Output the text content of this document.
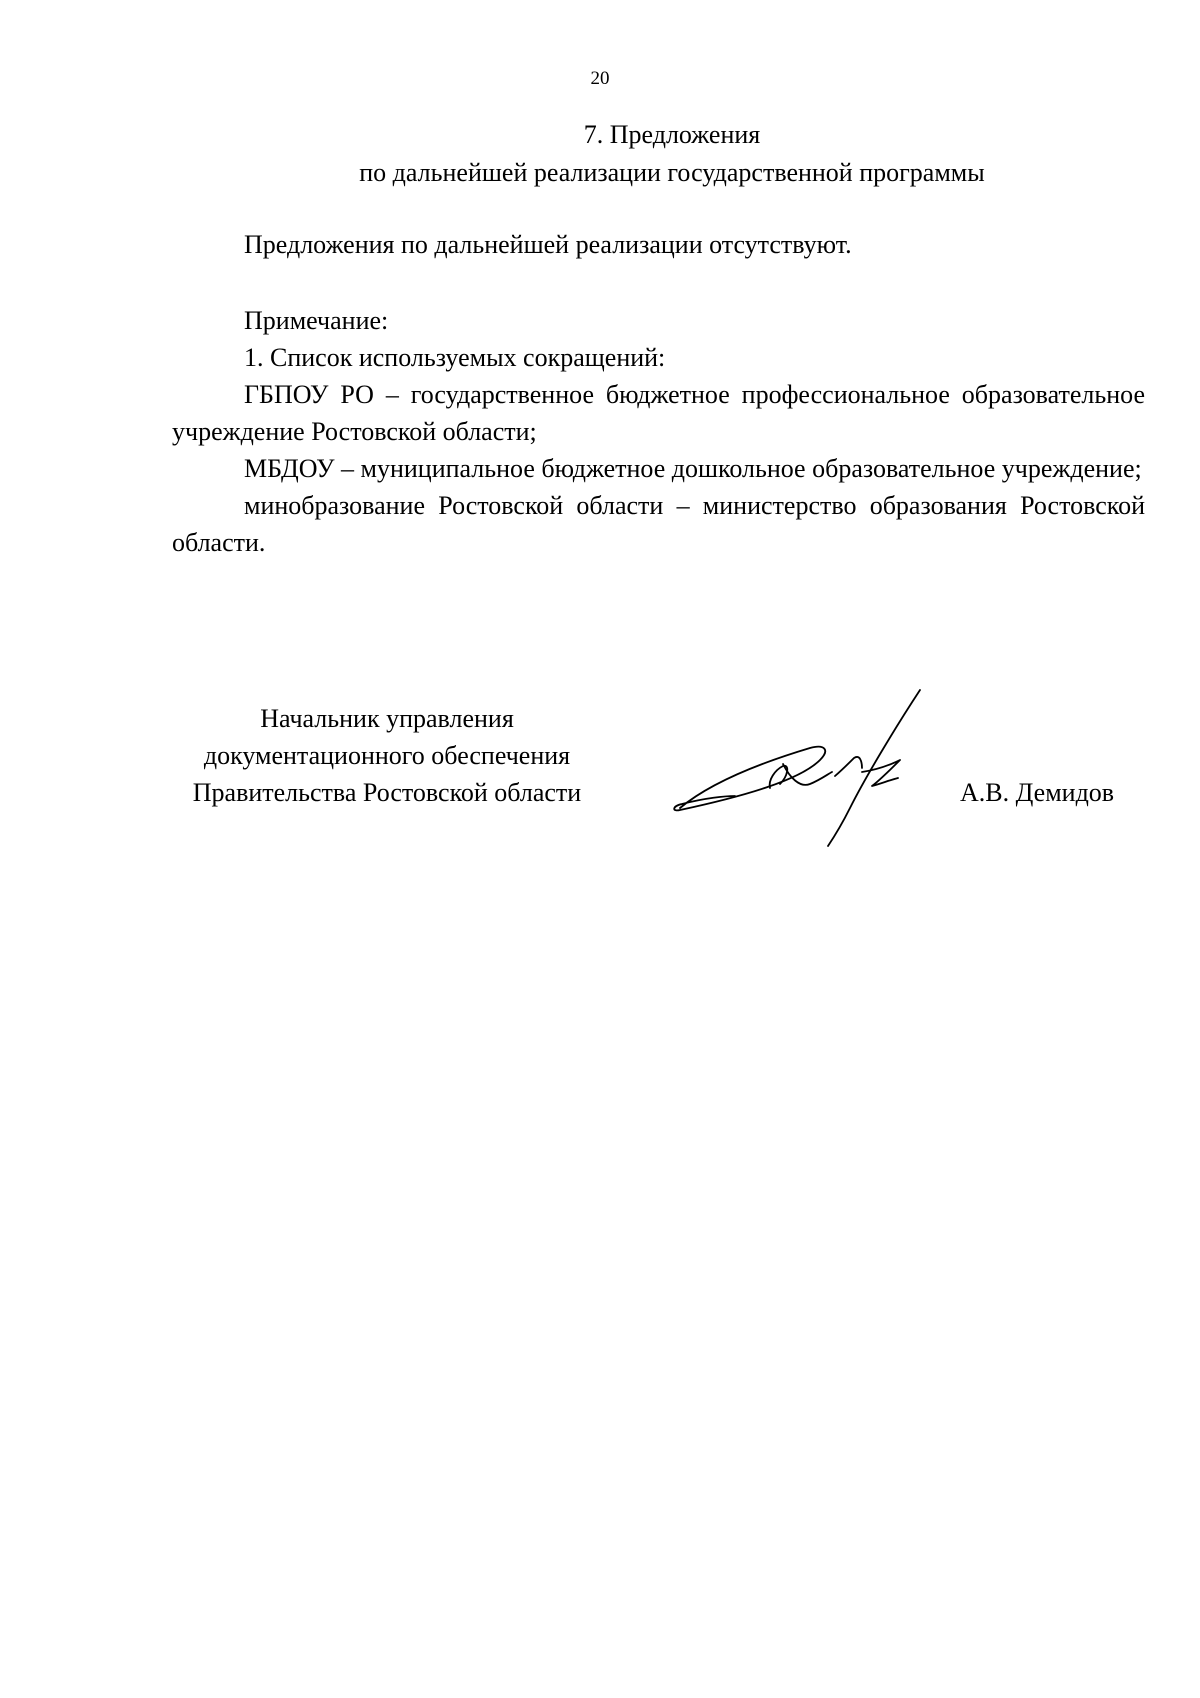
20
7. Предложения
по дальнейшей реализации государственной программы
Предложения по дальнейшей реализации отсутствуют.
Примечание:
1. Список используемых сокращений:

ГБПОУ РО – государственное бюджетное профессиональное образовательное учреждение Ростовской области;

МБДОУ – муниципальное бюджетное дошкольное образовательное учреждение;

минобразование Ростовской области – министерство образования Ростовской области.

Начальник управления
документационного обеспечения
Правительства Ростовской области	А.В. Демидов
